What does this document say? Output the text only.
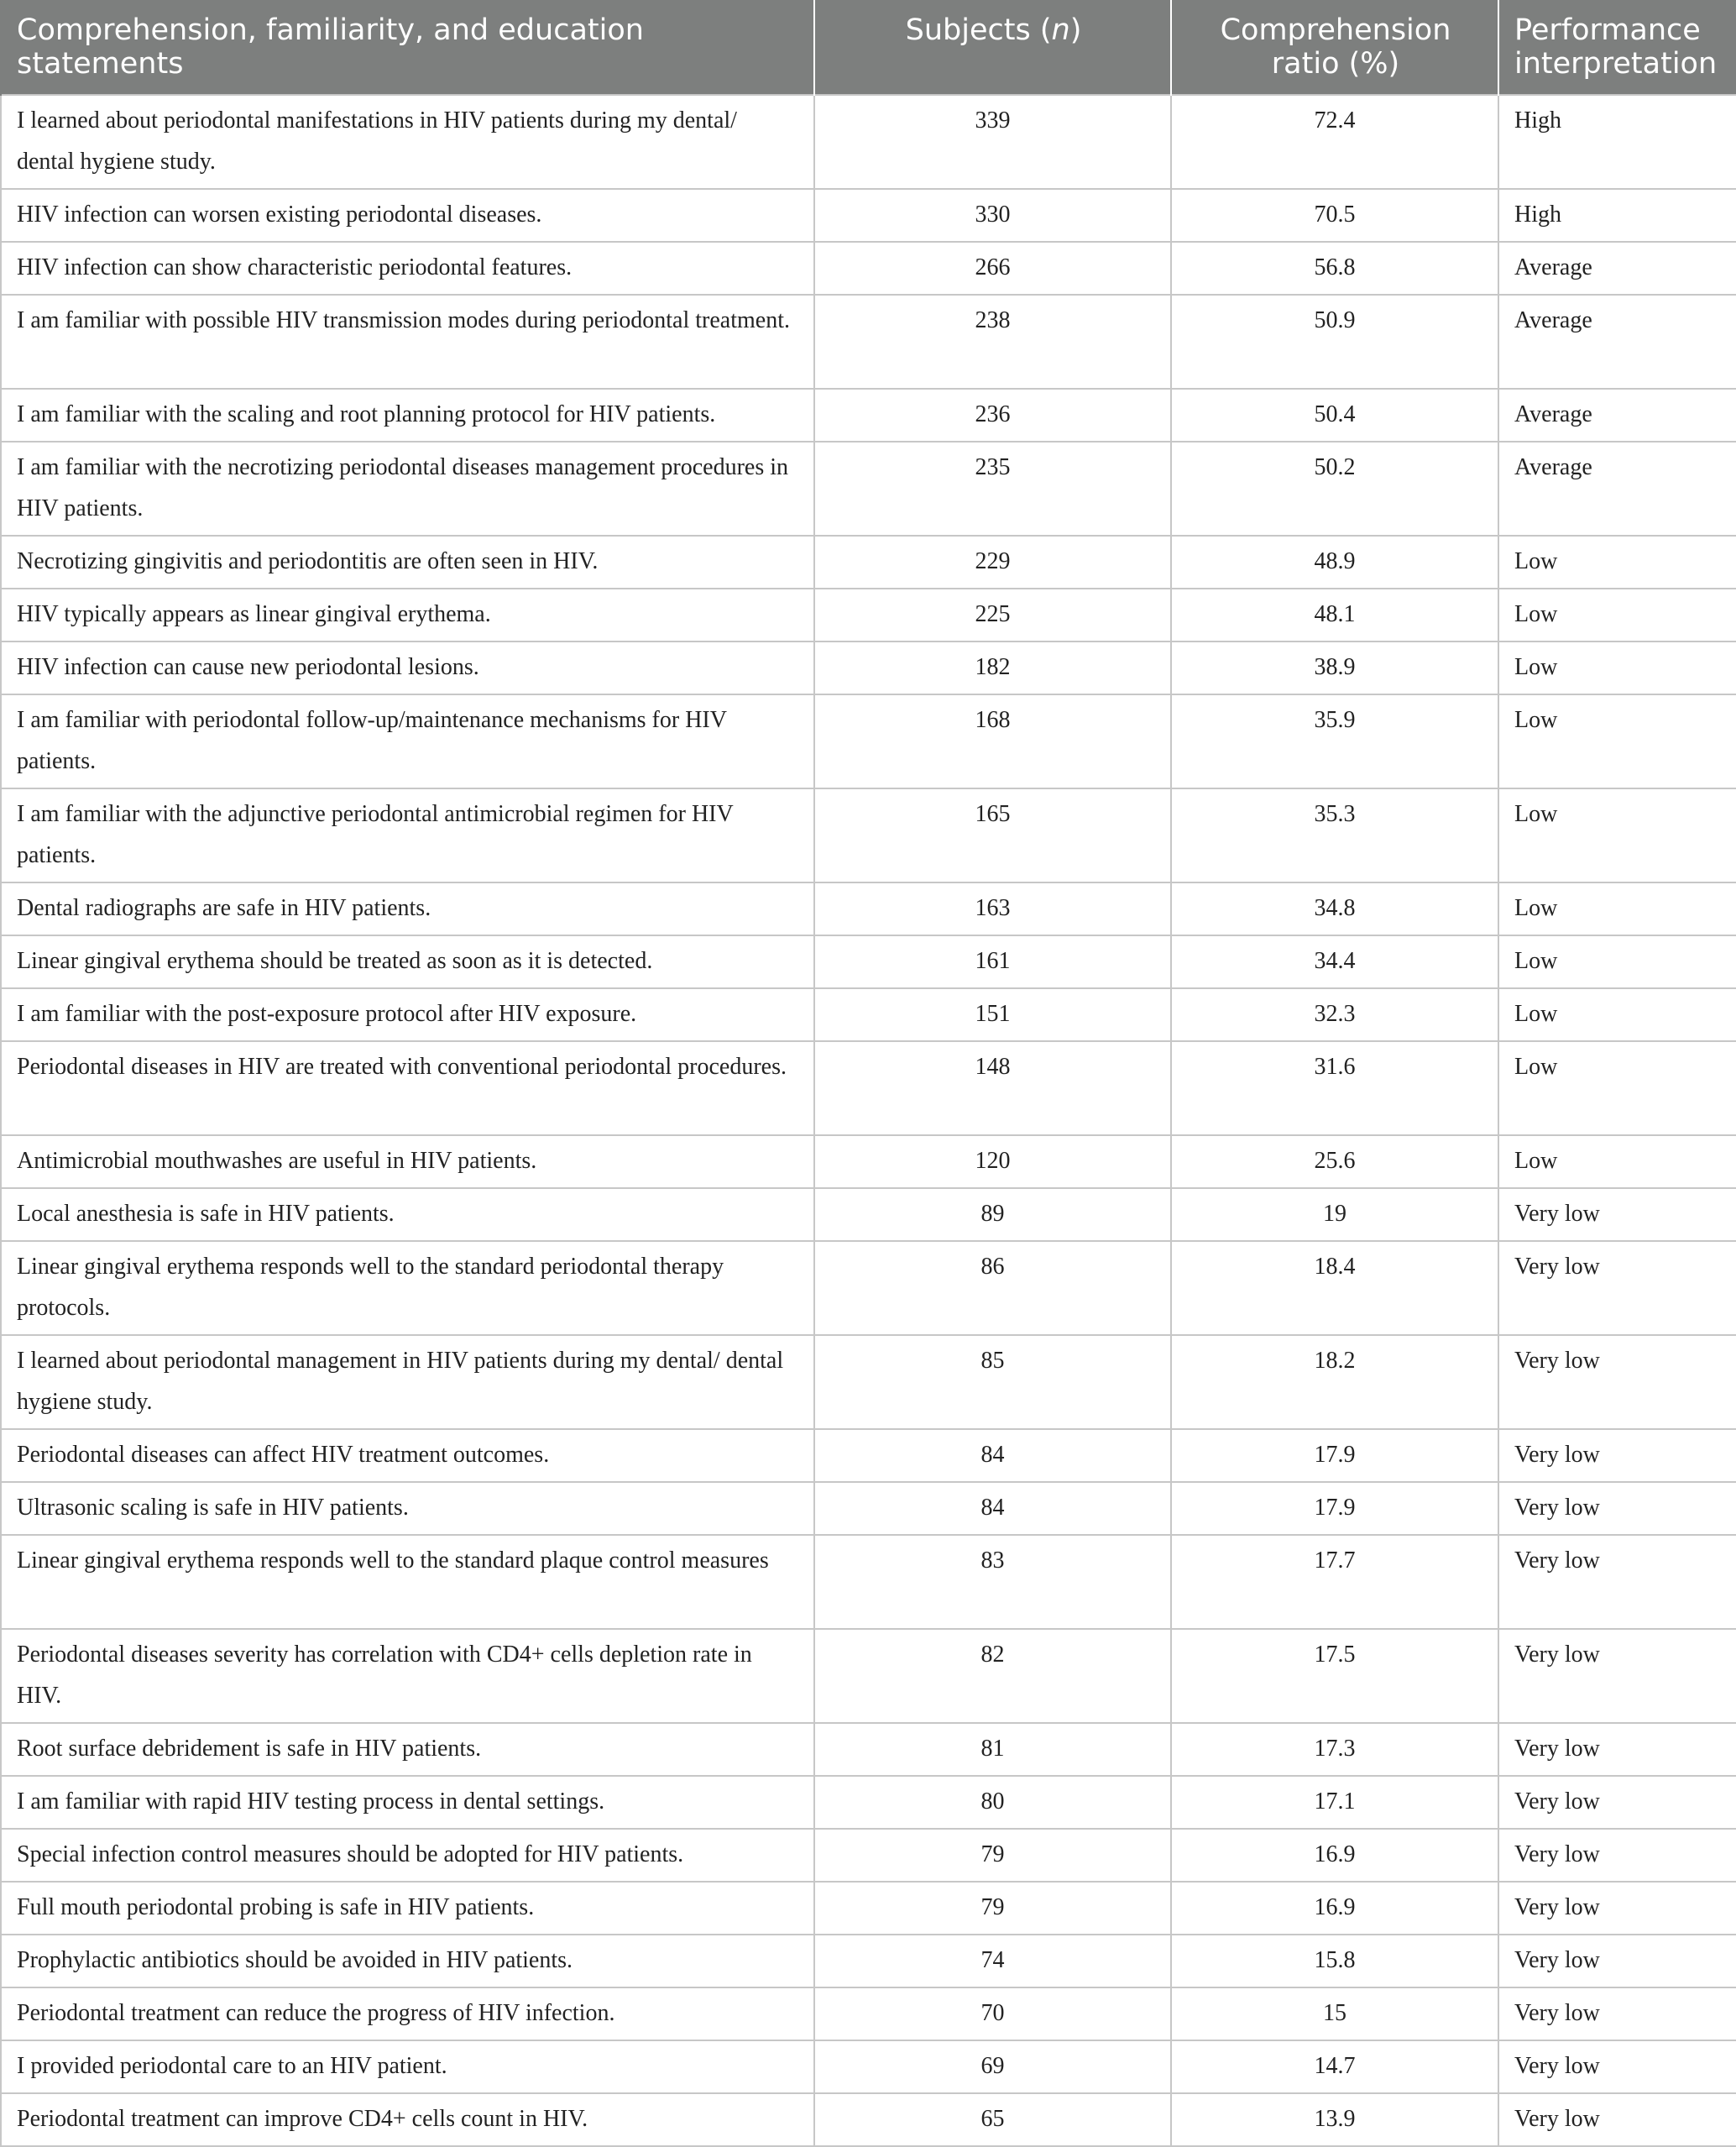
Comprehension, familiarity, and education statements	Subjects (n)	Comprehension ratio (%)	Performance interpretation

I learned about periodontal manifestations in HIV patients during my dental/ dental hygiene study.	339	72.4	High

HIV infection can worsen existing periodontal diseases.	330	70.5	High

HIV infection can show characteristic periodontal features.	266	56.8	Average

I am familiar with possible HIV transmission modes during periodontal treatment.	238	50.9	Average

I am familiar with the scaling and root planning protocol for HIV patients.	236	50.4	Average

I am familiar with the necrotizing periodontal diseases management procedures in HIV patients.	235	50.2	Average

Necrotizing gingivitis and periodontitis are often seen in HIV.	229	48.9	Low

HIV typically appears as linear gingival erythema.	225	48.1	Low

HIV infection can cause new periodontal lesions.	182	38.9	Low

I am familiar with periodontal follow-up/maintenance mechanisms for HIV patients.	168	35.9	Low

I am familiar with the adjunctive periodontal antimicrobial regimen for HIV patients.	165	35.3	Low

Dental radiographs are safe in HIV patients.	163	34.8	Low

Linear gingival erythema should be treated as soon as it is detected.	161	34.4	Low

I am familiar with the post-exposure protocol after HIV exposure.	151	32.3	Low

Periodontal diseases in HIV are treated with conventional periodontal procedures.	148	31.6	Low

Antimicrobial mouthwashes are useful in HIV patients.	120	25.6	Low

Local anesthesia is safe in HIV patients.	89	19	Very low

Linear gingival erythema responds well to the standard periodontal therapy protocols.	86	18.4	Very low

I learned about periodontal management in HIV patients during my dental/ dental hygiene study.	85	18.2	Very low

Periodontal diseases can affect HIV treatment outcomes.	84	17.9	Very low

Ultrasonic scaling is safe in HIV patients.	84	17.9	Very low

Linear gingival erythema responds well to the standard plaque control measures	83	17.7	Very low

Periodontal diseases severity has correlation with CD4+ cells depletion rate in HIV.	82	17.5	Very low

Root surface debridement is safe in HIV patients.	81	17.3	Very low

I am familiar with rapid HIV testing process in dental settings.	80	17.1	Very low

Special infection control measures should be adopted for HIV patients.	79	16.9	Very low

Full mouth periodontal probing is safe in HIV patients.	79	16.9	Very low

Prophylactic antibiotics should be avoided in HIV patients.	74	15.8	Very low

Periodontal treatment can reduce the progress of HIV infection.	70	15	Very low

I provided periodontal care to an HIV patient.	69	14.7	Very low

Periodontal treatment can improve CD4+ cells count in HIV.	65	13.9	Very low
